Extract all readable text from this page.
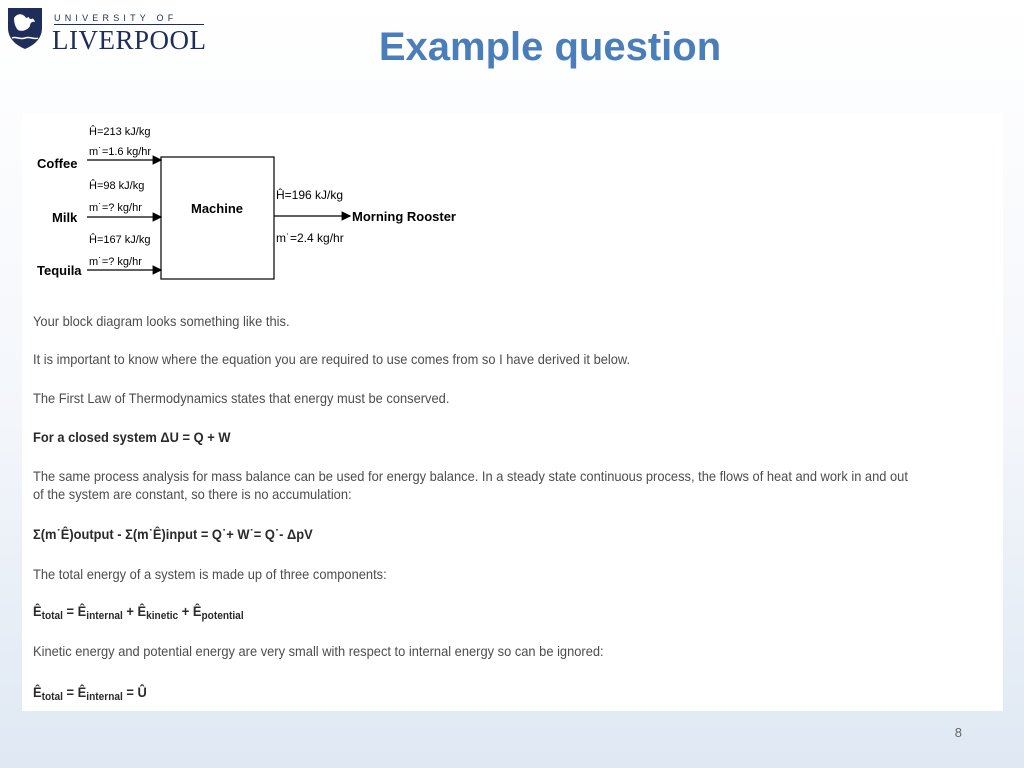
UNIVERSITY OF
LIVERPOOL	Example question
Machine
Coffee
Ĥ=213 kJ/kg
m˙=1.6 kg/hr
Milk
Ĥ=98 kJ/kg
m˙=? kg/hr
Tequila
Ĥ=167 kJ/kg
m˙=? kg/hr
Ĥ=196 kJ/kg
Morning Rooster
m˙=2.4 kg/hr
Your block diagram looks something like this.
It is important to know where the equation you are required to use comes from so I have derived it below.
The First Law of Thermodynamics states that energy must be conserved.
For a closed system ΔU = Q + W
The same process analysis for mass balance can be used for energy balance. In a steady state continuous process, the flows of heat and work in and out of the system are constant, so there is no accumulation:
Σ(m˙Ê)output - Σ(m˙Ê)input = Q˙+ W˙= Q˙- ΔpV
The total energy of a system is made up of three components:
$Ê_{total}$ = $Ê_{internal}$ + $Ê_{kinetic}$ + $Ê_{potential}$
Kinetic energy and potential energy are very small with respect to internal energy so can be ignored:
$Ê_{total}$ = $Ê_{internal}$ = Û
8
